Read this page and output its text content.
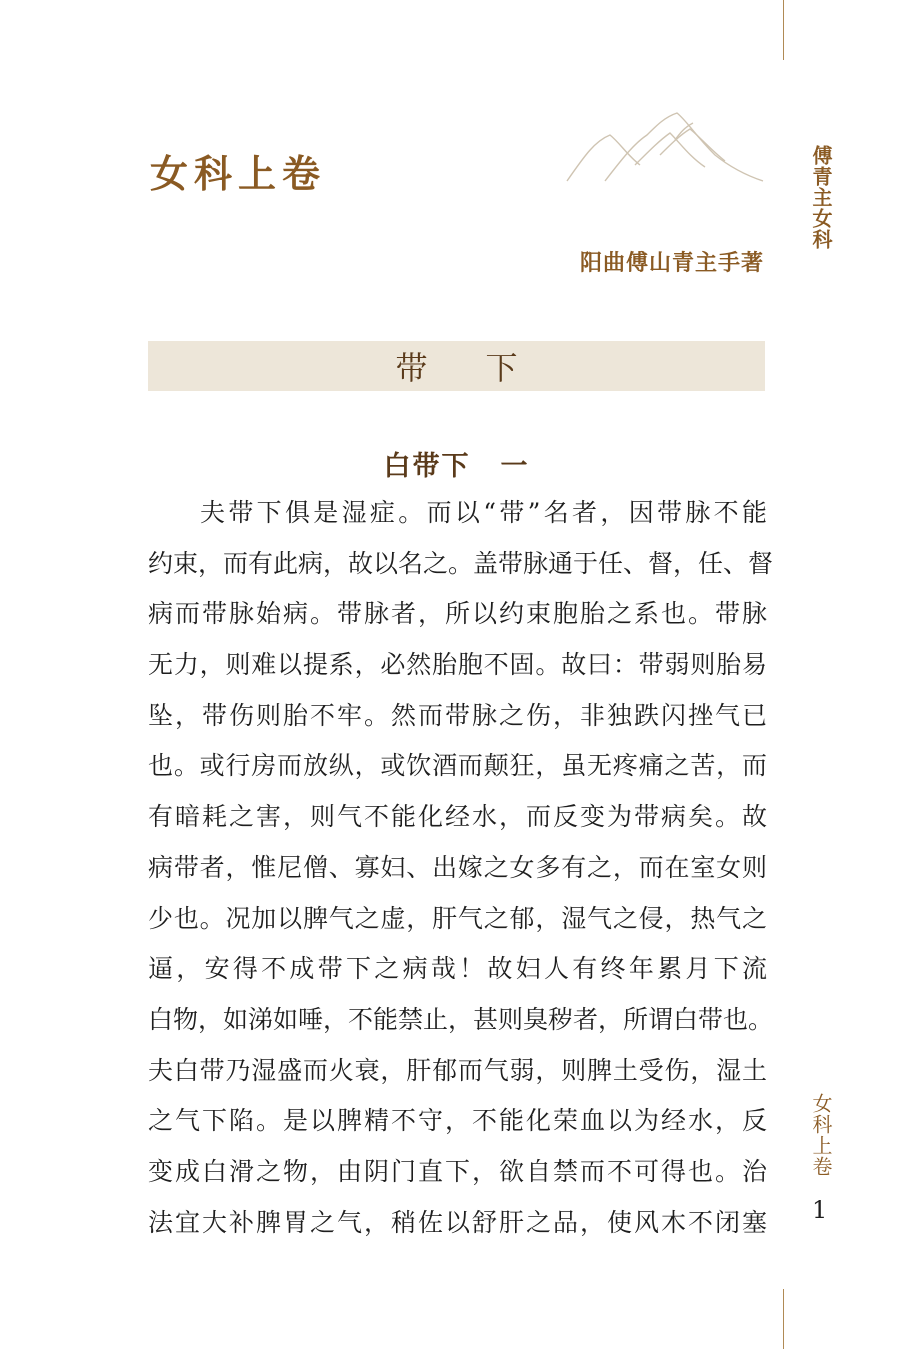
女科上卷
阳曲傅山青主手著
傅青主女科
带下
白带下 一
夫带下俱是湿症。而以“带”名者，因带脉不能
约束，而有此病，故以名之。盖带脉通于任、督，任、督
病而带脉始病。带脉者，所以约束胞胎之系也。带脉
无力，则难以提系，必然胎胞不固。故曰：带弱则胎易
坠，带伤则胎不牢。然而带脉之伤，非独跌闪挫气已
也。或行房而放纵，或饮酒而颠狂，虽无疼痛之苦，而
有暗耗之害，则气不能化经水，而反变为带病矣。故
病带者，惟尼僧、寡妇、出嫁之女多有之，而在室女则
少也。况加以脾气之虚，肝气之郁，湿气之侵，热气之
逼，安得不成带下之病哉！故妇人有终年累月下流
白物，如涕如唾，不能禁止，甚则臭秽者，所谓白带也。
夫白带乃湿盛而火衰，肝郁而气弱，则脾土受伤，湿土
之气下陷。是以脾精不守，不能化荣血以为经水，反
变成白滑之物，由阴门直下，欲自禁而不可得也。治
法宜大补脾胃之气，稍佐以舒肝之品，使风木不闭塞
女科上卷
1
